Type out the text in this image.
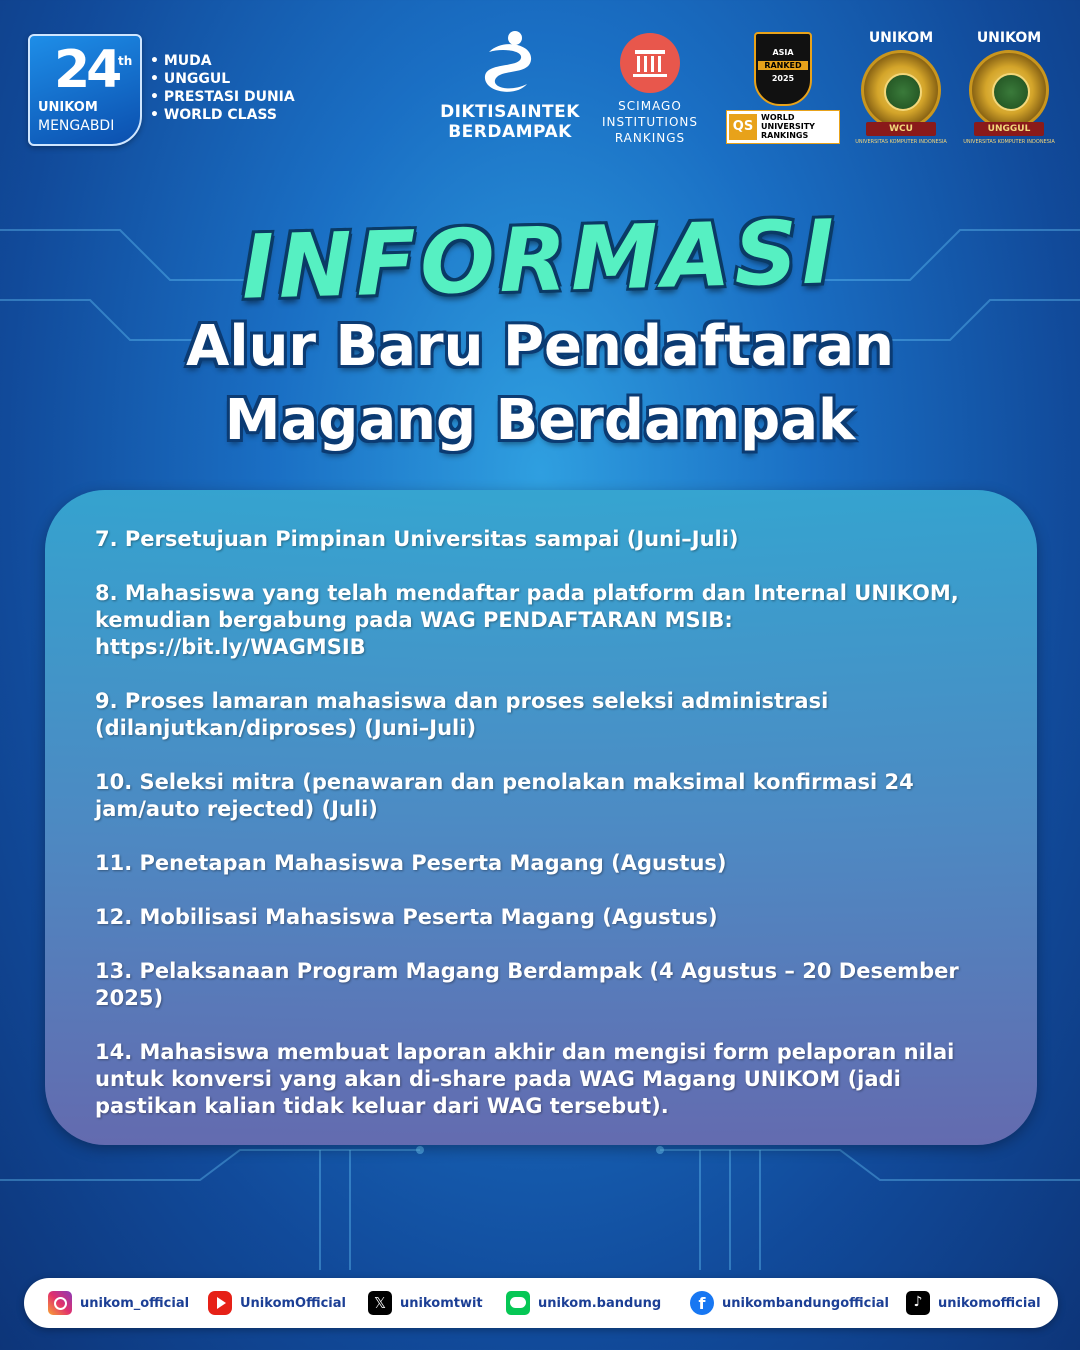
24 th
UNIKOM
MENGABDI
• MUDA
• UNGGUL
• PRESTASI DUNIA
• WORLD CLASS	DIKTISAINTEK
BERDAMPAK
SCIMAGO
INSTITUTIONS
RANKINGS
ASIA
RANKED
2025
QS
WORLD
UNIVERSITY
RANKINGS
UNIKOM
WCU
UNIVERSITAS KOMPUTER INDONESIA
UNIKOM
UNGGUL
UNIVERSITAS KOMPUTER INDONESIA
INFORMASI
Alur Baru Pendaftaran
Magang Berdampak
7. Persetujuan Pimpinan Universitas sampai (Juni–Juli)
8. Mahasiswa yang telah mendaftar pada platform dan Internal UNIKOM, kemudian bergabung pada WAG PENDAFTARAN MSIB: https://bit.ly/WAGMSIB
9. Proses lamaran mahasiswa dan proses seleksi administrasi (dilanjutkan/diproses) (Juni–Juli)
10. Seleksi mitra (penawaran dan penolakan maksimal konfirmasi 24 jam/auto rejected) (Juli)
11. Penetapan Mahasiswa Peserta Magang (Agustus)
12. Mobilisasi Mahasiswa Peserta Magang (Agustus)
13. Pelaksanaan Program Magang Berdampak (4 Agustus – 20 Desember 2025)
14. Mahasiswa membuat laporan akhir dan mengisi form pelaporan nilai untuk konversi yang akan di-share pada WAG Magang UNIKOM (jadi pastikan kalian tidak keluar dari WAG tersebut).
unikom_official	UnikomOfficial	𝕏	unikomtwit	unikom.bandung	f	unikombandungofficial	♪	unikomofficial
